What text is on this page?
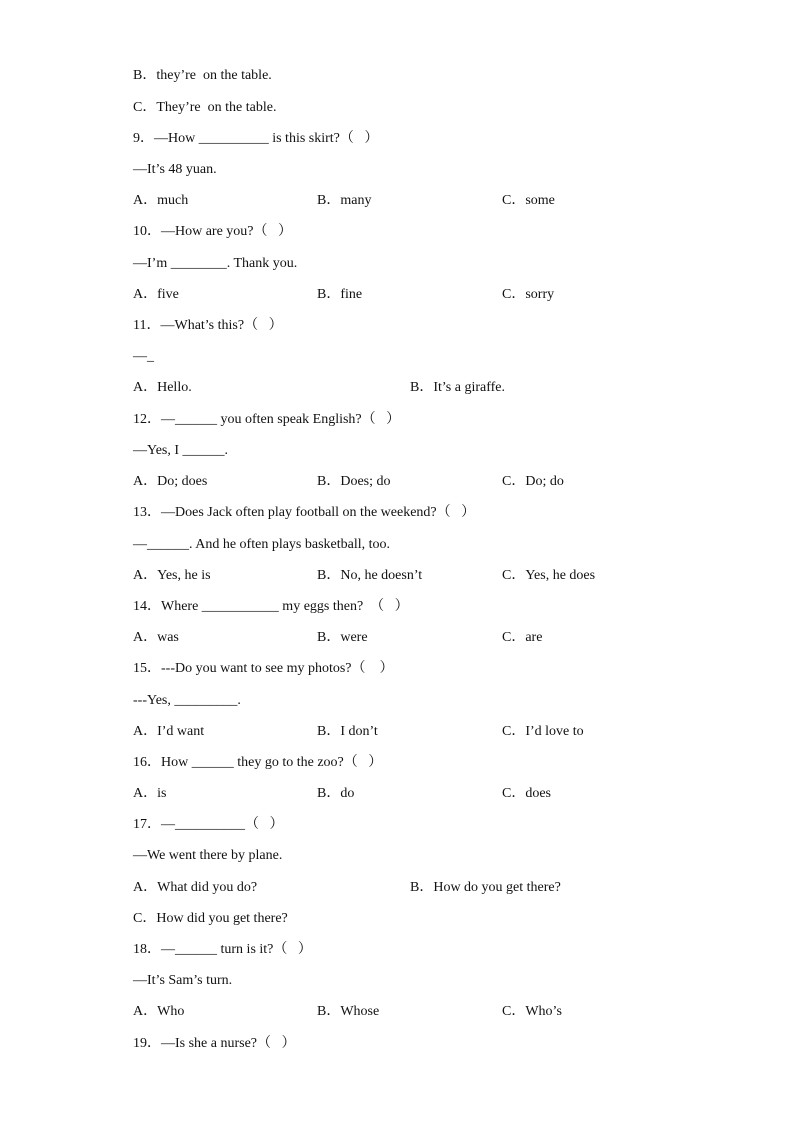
B．they’re  on the table.
C．They’re  on the table.
9．—How __________ is this skirt?（   ）
—It’s 48 yuan.
A．much	B．many	C．some
10．—How are you?（   ）
—I’m ________. Thank you.
A．five	B．fine	C．sorry
11．—What’s this?（   ）
—_
A．Hello.	B．It’s a giraffe.
12．—______ you often speak English?（   ）
—Yes, I ______.
A．Do; does	B．Does; do	C．Do; do
13．—Does Jack often play football on the weekend?（   ）
—______. And he often plays basketball, too.
A．Yes, he is	B．No, he doesn’t	C．Yes, he does
14．Where ___________ my eggs then?  （   ）
A．was	B．were	C．are
15．---Do you want to see my photos?（    ）
---Yes, _________.
A．I’d want	B．I don’t	C．I’d love to
16．How ______ they go to the zoo?（   ）
A．is	B．do	C．does
17．—__________（   ）
—We went there by plane.
A．What did you do?	B．How do you get there?
C．How did you get there?
18．—______ turn is it?（   ）
—It’s Sam’s turn.
A．Who	B．Whose	C．Who’s
19．—Is she a nurse?（   ）
